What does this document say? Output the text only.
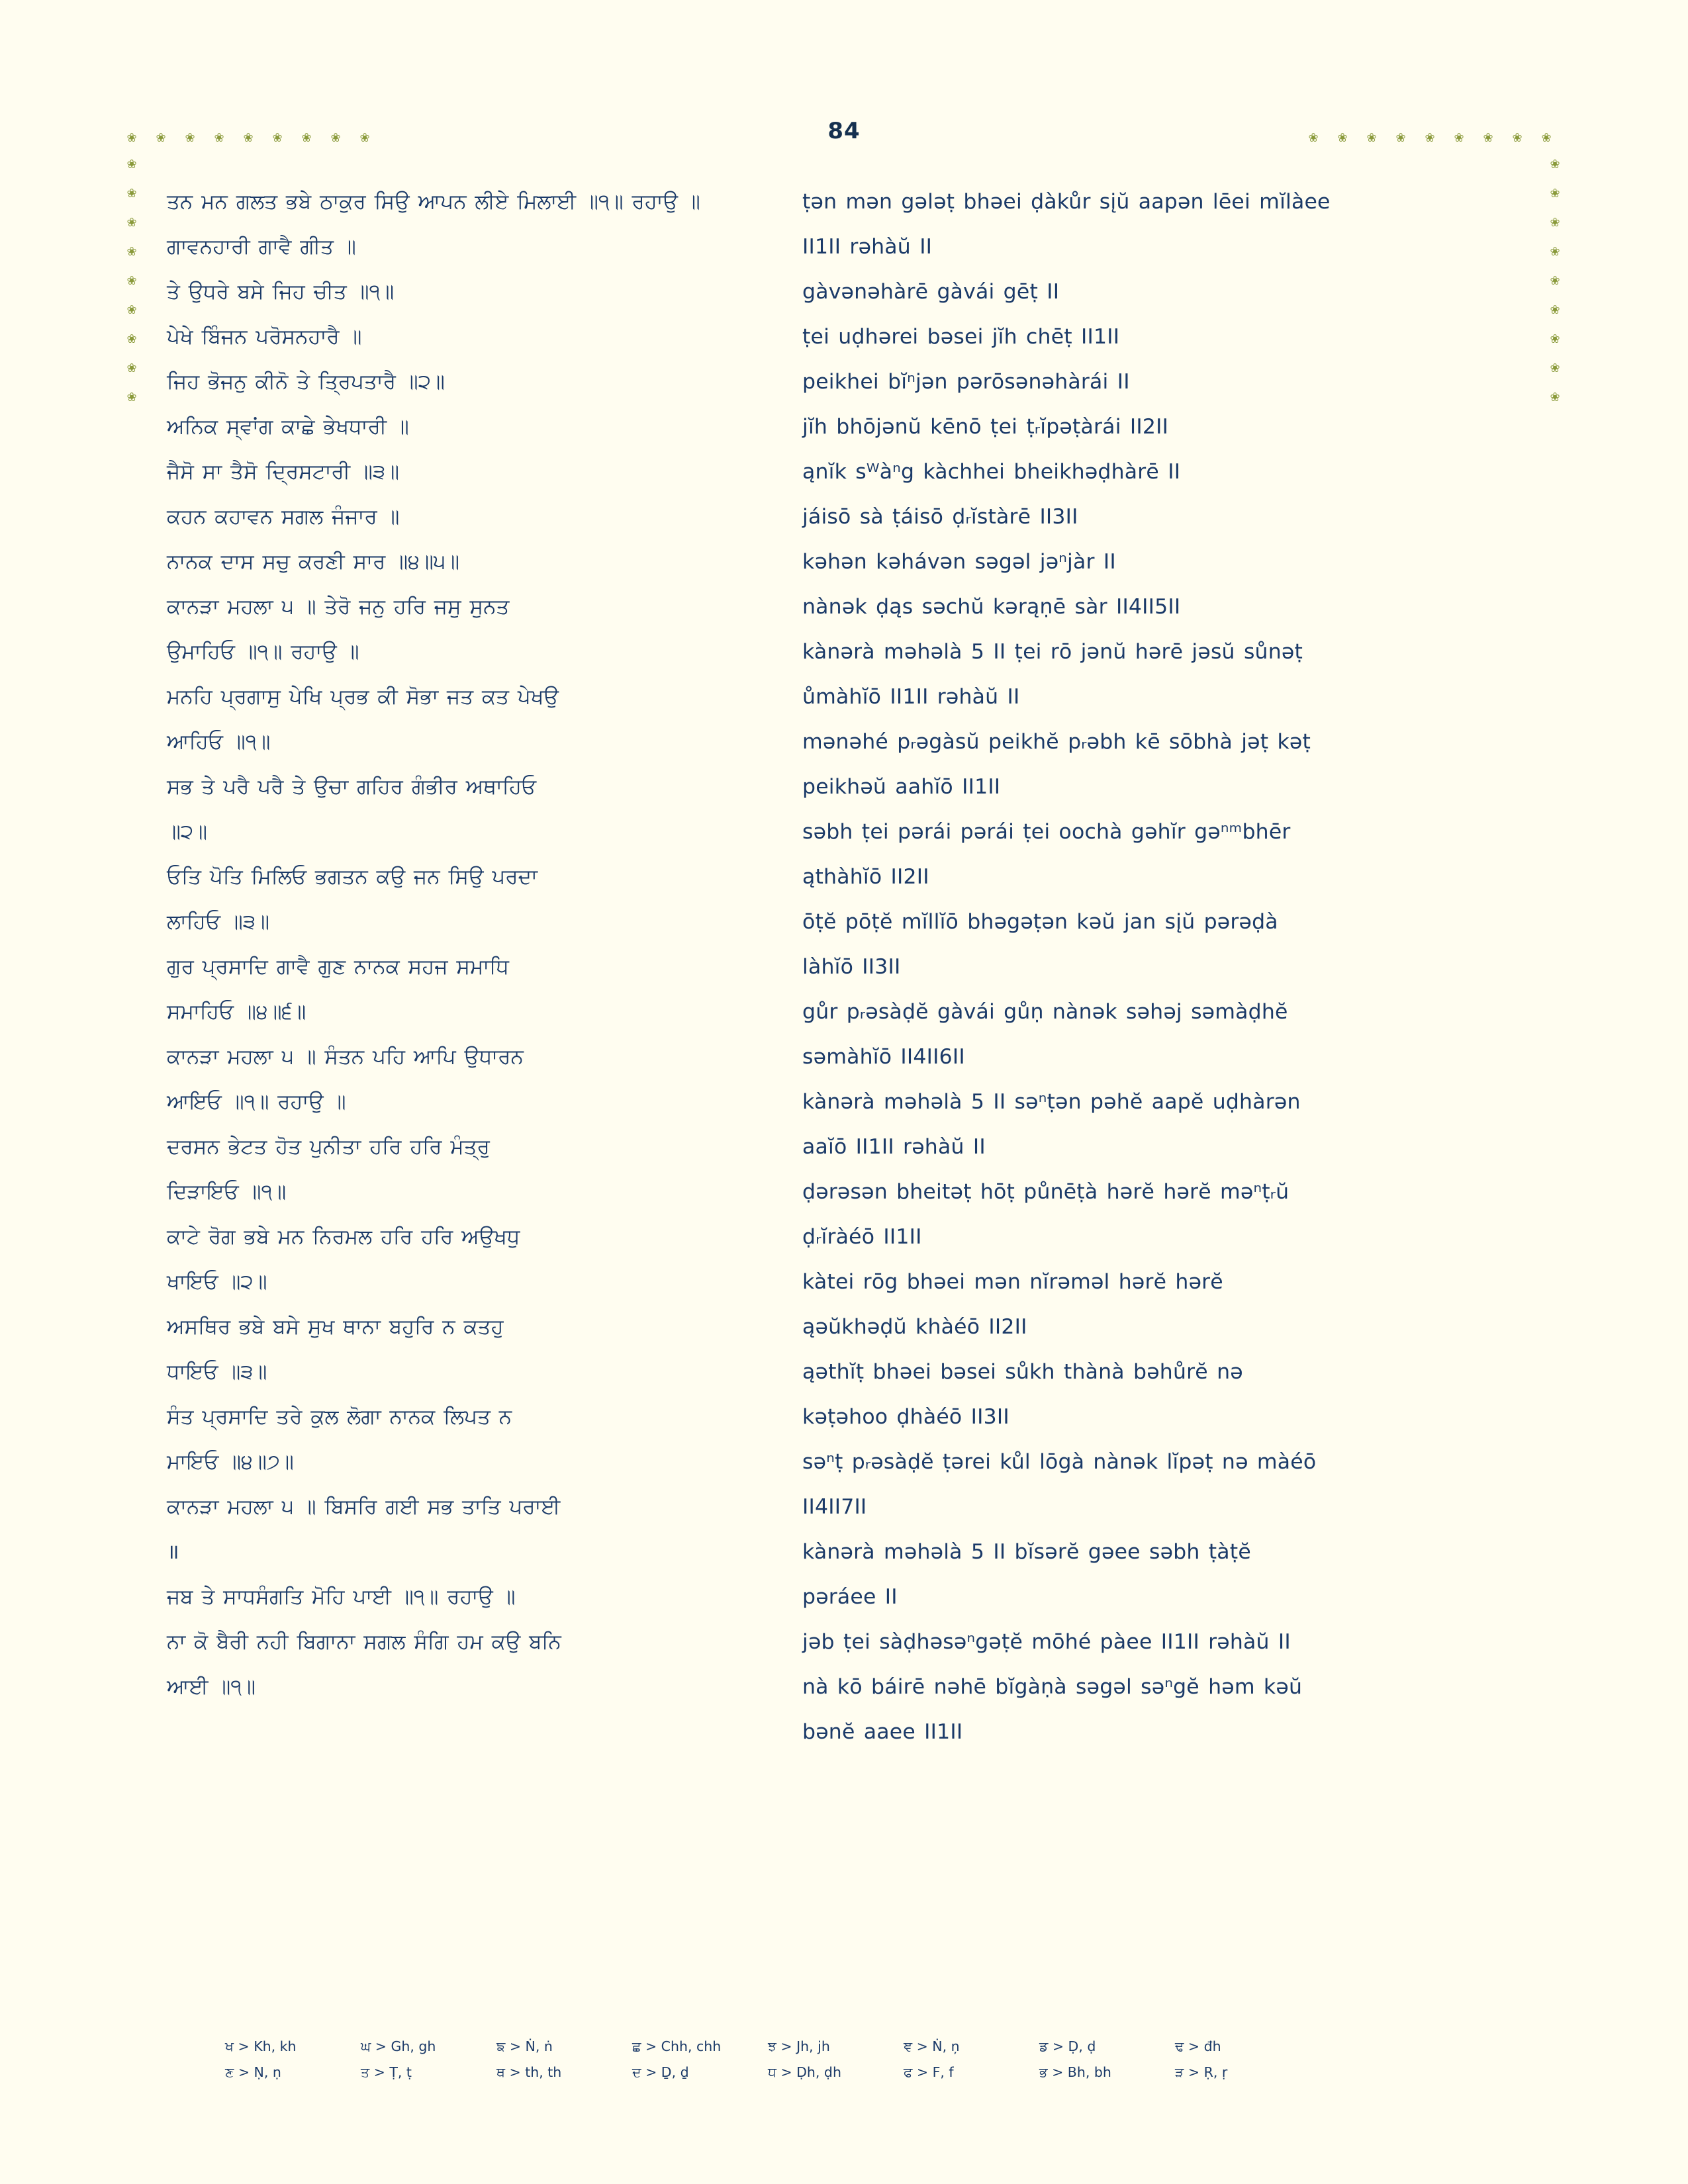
❀ ❀ ❀ ❀ ❀ ❀ ❀ ❀ ❀	❀ ❀ ❀ ❀ ❀ ❀ ❀ ❀ ❀
❀
❀
❀
❀
❀
❀
❀
❀
❀
❀
❀
❀
❀
❀
❀
❀
❀
❀
84
ਤਨ ਮਨ ਗਲਤ ਭਬੇ ਠਾਕੁਰ ਸਿਉ ਆਪਨ ਲੀਏ ਮਿਲਾਈ ॥੧॥ ਰਹਾਉ ॥
ਗਾਵਨਹਾਰੀ ਗਾਵੈ ਗੀਤ ॥
ਤੇ ਉਧਰੇ ਬਸੇ ਜਿਹ ਚੀਤ ॥੧॥
ਪੇਖੇ ਬਿੰਜਨ ਪਰੋਸਨਹਾਰੈ ॥
ਜਿਹ ਭੋਜਨੁ ਕੀਨੋ ਤੇ ਤ੍ਰਿਪਤਾਰੈ ॥੨॥
ਅਨਿਕ ਸ੍ਵਾਂਗ ਕਾਛੇ ਭੇਖਧਾਰੀ ॥
ਜੈਸੋ ਸਾ ਤੈਸੋ ਦ੍ਰਿਸਟਾਰੀ ॥੩॥
ਕਹਨ ਕਹਾਵਨ ਸਗਲ ਜੰਜਾਰ ॥
ਨਾਨਕ ਦਾਸ ਸਚੁ ਕਰਣੀ ਸਾਰ ॥੪॥੫॥
ਕਾਨੜਾ ਮਹਲਾ ੫ ॥ ਤੇਰੋ ਜਨੁ ਹਰਿ ਜਸੁ ਸੁਨਤ
ਉਮਾਹਿਓ ॥੧॥ ਰਹਾਉ ॥
ਮਨਹਿ ਪ੍ਰਗਾਸੁ ਪੇਖਿ ਪ੍ਰਭ ਕੀ ਸੋਭਾ ਜਤ ਕਤ ਪੇਖਉ
ਆਹਿਓ ॥੧॥
ਸਭ ਤੇ ਪਰੈ ਪਰੈ ਤੇ ਉਚਾ ਗਹਿਰ ਗੰਭੀਰ ਅਥਾਹਿਓ
॥੨॥
ਓਤਿ ਪੋਤਿ ਮਿਲਿਓ ਭਗਤਨ ਕਉ ਜਨ ਸਿਉ ਪਰਦਾ
ਲਾਹਿਓ ॥੩॥
ਗੁਰ ਪ੍ਰਸਾਦਿ ਗਾਵੈ ਗੁਣ ਨਾਨਕ ਸਹਜ ਸਮਾਧਿ
ਸਮਾਹਿਓ ॥੪॥੬॥
ਕਾਨੜਾ ਮਹਲਾ ੫ ॥ ਸੰਤਨ ਪਹਿ ਆਪਿ ਉਧਾਰਨ
ਆਇਓ ॥੧॥ ਰਹਾਉ ॥
ਦਰਸਨ ਭੇਟਤ ਹੋਤ ਪੁਨੀਤਾ ਹਰਿ ਹਰਿ ਮੰਤ੍ਰੁ
ਦਿੜਾਇਓ ॥੧॥
ਕਾਟੇ ਰੋਗ ਭਬੇ ਮਨ ਨਿਰਮਲ ਹਰਿ ਹਰਿ ਅਉਖਧੁ
ਖਾਇਓ ॥੨॥
ਅਸਥਿਰ ਭਬੇ ਬਸੇ ਸੁਖ ਥਾਨਾ ਬਹੁਰਿ ਨ ਕਤਹੁ
ਧਾਇਓ ॥੩॥
ਸੰਤ ਪ੍ਰਸਾਦਿ ਤਰੇ ਕੁਲ ਲੋਗਾ ਨਾਨਕ ਲਿਪਤ ਨ
ਮਾਇਓ ॥੪॥੭॥
ਕਾਨੜਾ ਮਹਲਾ ੫ ॥ ਬਿਸਰਿ ਗਈ ਸਭ ਤਾਤਿ ਪਰਾਈ
॥
ਜਬ ਤੇ ਸਾਧਸੰਗਤਿ ਮੋਹਿ ਪਾਈ ॥੧॥ ਰਹਾਉ ॥
ਨਾ ਕੋ ਬੈਰੀ ਨਹੀ ਬਿਗਾਨਾ ਸਗਲ ਸੰਗਿ ਹਮ ਕਉ ਬਨਿ
ਆਈ ॥੧॥
ṭən mən gələṭ bhəei ḍàkůr sįŭ aapən lēei mĭlàee
II1II rəhàŭ II
gàvənəhàrē gàvái gēṭ II
ṭei uḍhərei bəsei jĭh chēṭ II1II
peikhei bĭⁿjən pərōsənəhàrái II
jĭh bhōjənŭ kēnō ṭei ṭᵣĭpəṭàrái II2II
ąnĭk sᵂàⁿg kàchhei bheikhəḍhàrē II
jáisō sà ṭáisō ḍᵣĭstàrē II3II
kəhən kəhávən səgəl jəⁿjàr II
nànək ḍąs səchŭ kərąṇē sàr II4II5II
kànərà məhəlà 5 II ṭei rō jənŭ hərē jəsŭ sůnəṭ
ůmàhĭō II1II rəhàŭ II
mənəhé pᵣəgàsŭ peikhĕ pᵣəbh kē sōbhà jəṭ kəṭ
peikhəŭ aahĭō II1II
səbh ṭei pərái pərái ṭei oochà gəhĭr gəⁿᵐbhēr
ąthàhĭō II2II
ōṭĕ pōṭĕ mĭllĭō bhəgəṭən kəŭ jan sįŭ pərəḍà
làhĭō II3II
gůr pᵣəsàḍĕ gàvái gůṇ nànək səhəj səmàḍhĕ
səmàhĭō II4II6II
kànərà məhəlà 5 II səⁿṭən pəhĕ aapĕ uḍhàrən
aaĭō II1II rəhàŭ II
ḍərəsən bheitəṭ hōṭ půnēṭà hərĕ hərĕ məⁿṭᵣŭ
ḍᵣĭràéō II1II
kàtei rōg bhəei mən nĭrəməl hərĕ hərĕ
ąəŭkhəḍŭ khàéō II2II
ąəthĭṭ bhəei bəsei sůkh thànà bəhůrĕ nə
kəṭəhoo ḍhàéō II3II
səⁿṭ pᵣəsàḍĕ ṭərei kůl lōgà nànək lĭpəṭ nə màéō
II4II7II
kànərà məhəlà 5 II bĭsərĕ gəee səbh ṭàṭĕ
pəráee II
jəb ṭei sàḍhəsəⁿgəṭĕ mōhé pàee II1II rəhàŭ II
nà kō báirē nəhē bĭgàṇà səgəl səⁿgĕ həm kəŭ
bənĕ aaee II1II
ਖ > Kh, kh	ਘ > Gh, gh	ਙ > Ṅ, ṅ	ਛ > Chh, chh	ਝ > Jh, jh	ਞ > Ṅ, ņ	ਡ > Ḍ, ḍ	ਢ > đh
ਣ > Ṇ, ṇ	ਤ > Ṭ, ṭ	ਥ > th, th	ਦ > Ḏ, ḏ	ਧ > Ḍh, ḍh	ਫ > F, f	ਭ > Bh, bh	ੜ > Ṛ, ṛ
